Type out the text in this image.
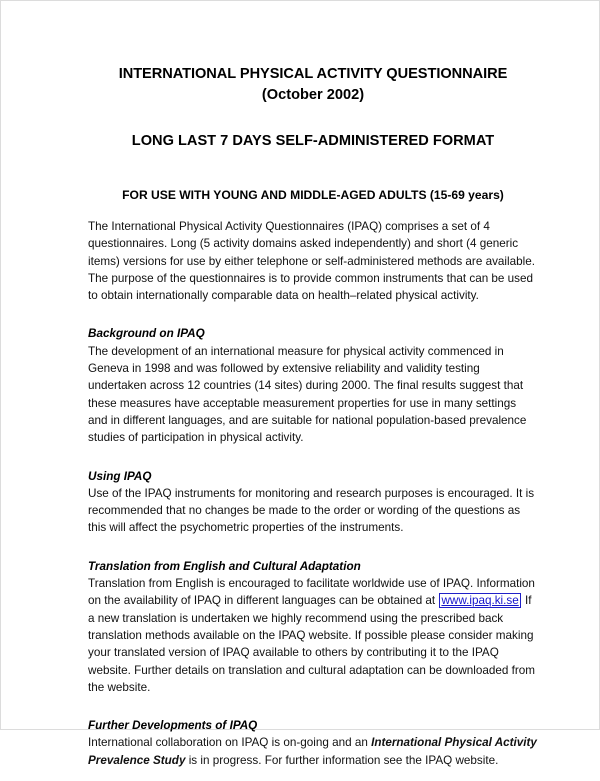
INTERNATIONAL PHYSICAL ACTIVITY QUESTIONNAIRE
(October 2002)
LONG LAST 7 DAYS SELF-ADMINISTERED FORMAT
FOR USE WITH YOUNG AND MIDDLE-AGED ADULTS (15-69 years)

The International Physical Activity Questionnaires (IPAQ) comprises a set of 4 questionnaires. Long (5 activity domains asked independently) and short (4 generic items) versions for use by either telephone or self-administered methods are available. The purpose of the questionnaires is to provide common instruments that can be used to obtain internationally comparable data on health–related physical activity.

Background on IPAQ

The development of an international measure for physical activity commenced in Geneva in 1998 and was followed by extensive reliability and validity testing undertaken across 12 countries (14 sites) during 2000. The final results suggest that these measures have acceptable measurement properties for use in many settings and in different languages, and are suitable for national population-based prevalence studies of participation in physical activity.

Using IPAQ

Use of the IPAQ instruments for monitoring and research purposes is encouraged. It is recommended that no changes be made to the order or wording of the questions as this will affect the psychometric properties of the instruments.

Translation from English and Cultural Adaptation

Translation from English is encouraged to facilitate worldwide use of IPAQ. Information on the availability of IPAQ in different languages can be obtained at www.ipaq.ki.se If a new translation is undertaken we highly recommend using the prescribed back translation methods available on the IPAQ website. If possible please consider making your translated version of IPAQ available to others by contributing it to the IPAQ website. Further details on translation and cultural adaptation can be downloaded from the website.

Further Developments of IPAQ

International collaboration on IPAQ is on-going and an International Physical Activity Prevalence Study is in progress. For further information see the IPAQ website.
